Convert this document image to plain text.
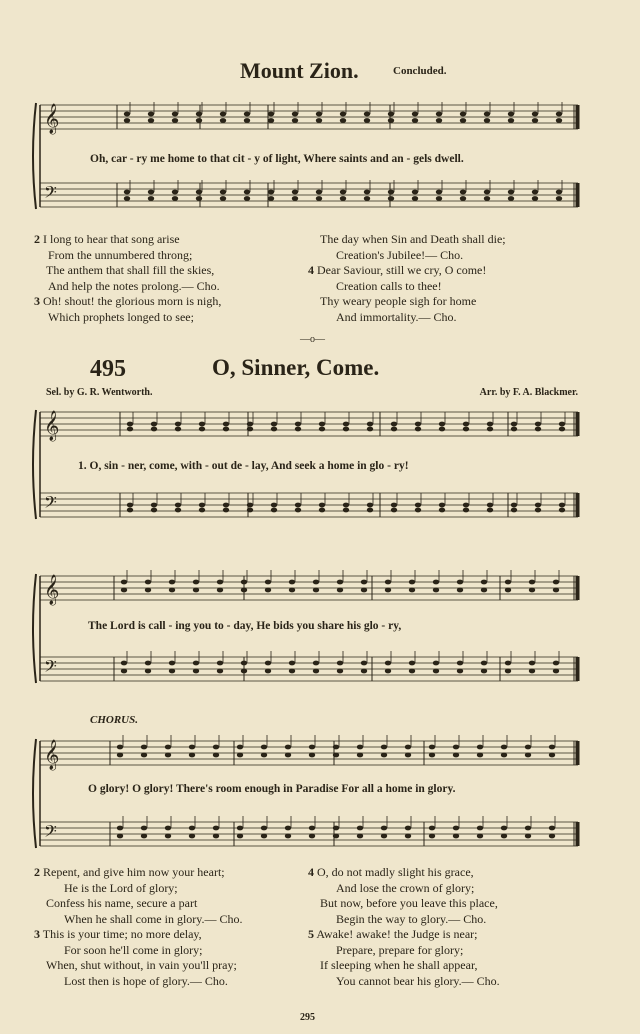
𝄞
𝄢
𝄞
𝄢
𝄞
𝄢
𝄞
𝄢
Mount Zion.	Concluded.
Oh, car - ry me home to that cit - y of light, Where saints and an - gels dwell.
2 I long to hear that song arise
From the unnumbered throng;
The anthem that shall fill the skies,
And help the notes prolong.— Cho.
3 Oh! shout! the glorious morn is nigh,
Which prophets longed to see;
The day when Sin and Death shall die;
Creation's Jubilee!— Cho.
4 Dear Saviour, still we cry, O come!
Creation calls to thee!
Thy weary people sigh for home
And immortality.— Cho.
—o—
495	O, Sinner, Come.
Sel. by G. R. Wentworth.	Arr. by F. A. Blackmer.
1. O, sin - ner, come, with - out de - lay, And seek a home in glo - ry!
The Lord is call - ing you to - day, He bids you share his glo - ry,
CHORUS.
O glory! O glory! There's room enough in Paradise For all a home in glory.
2 Repent, and give him now your heart;
He is the Lord of glory;
Confess his name, secure a part
When he shall come in glory.— Cho.
3 This is your time; no more delay,
For soon he'll come in glory;
When, shut without, in vain you'll pray;
Lost then is hope of glory.— Cho.
4 O, do not madly slight his grace,
And lose the crown of glory;
But now, before you leave this place,
Begin the way to glory.— Cho.
5 Awake! awake! the Judge is near;
Prepare, prepare for glory;
If sleeping when he shall appear,
You cannot bear his glory.— Cho.
295
